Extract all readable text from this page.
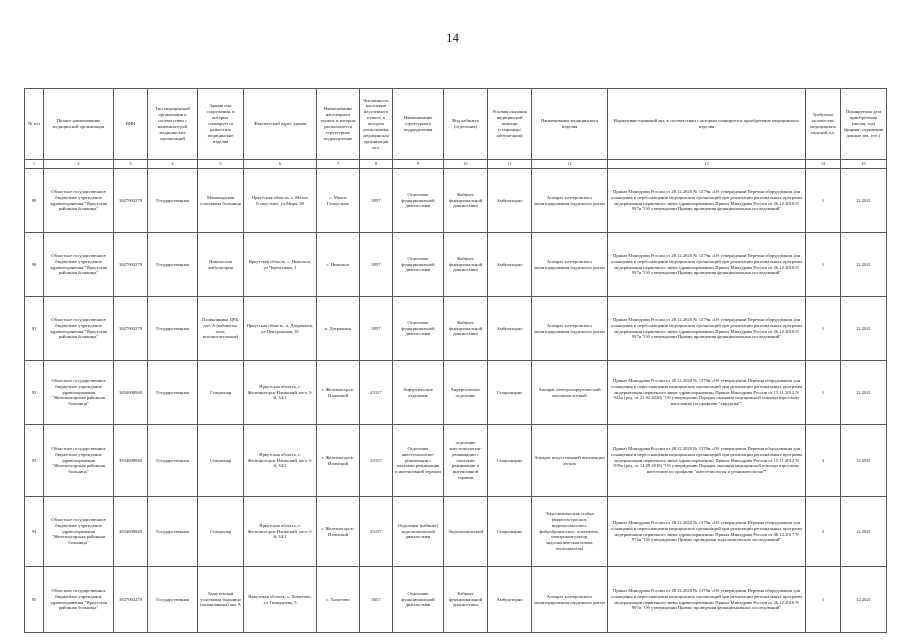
14
№ п/п	Полное наименование медицинской организации	ИНН	Тип медицинской организации в соответствии с номенклатурой медицинских организаций	Здания или сооружения, в которых планируется разместить медицинские изделия	Фактический адрес здания	Наименование населенного пункта, в котором располагается структурное подразделение	Численность населения населенного пункта, в котором расположена медицинская организация чел.	Наименование структурного подразделения	Вид кабинета (отделения)	Условия оказания медицинской помощи (стационар/амбулатория)	Наименование медицинского изделия	Нормативно-правовой акт, в соответствии с которым планируется приобретение медицинского изделия	Требуемое количество медицинских изделий, ед.	Планируемая дата приобретения (месяц, год) (формат: отражения данных мм. гггг.)
1	2	3	4	5	6	7	8	9	10	11	12	13	14	15
89	Областное государственное бюджетное учреждение здравоохранения "Иркутская районная больница"	3827004279	Государственная	Мамыкарская участковая больница	Иркутская область, с. Малое Голоустное, ул.Мира, 39	с. Малое Голоустное	3057	Отделение функциональной диагностики	Кабинет функциональной диагностики	Амбулаторно	Аппарат холтеровского мониторирования сердечного ритма	Приказ Минздрава России от 28.12.2020 № 1379н «Об утверждении Перечня оборудования для оснащения и переоснащения медицинских организаций при реализации региональных программ модернизации первичного звена здравоохранения» Приказ Минздрава России от 26.12.2016 N 997н "Об утверждении Правил проведения функциональных исследований"	1	12.2021
90	Областное государственное бюджетное учреждение здравоохранения "Иркутская районная больница"	3827004279	Государственная	Никольская амбулатория	Иркутская область, с. Никольск, ул.Черемушки, 1	с. Никольск	3057	Отделение функциональной диагностики	Кабинет функциональной диагностики	Амбулаторно	Аппарат холтеровского мониторирования сердечного ритма	Приказ Минздрава России от 28.12.2020 № 1379н «Об утверждении Перечня оборудования для оснащения и переоснащения медицинских организаций при реализации региональных программ модернизации первичного звена здравоохранения» Приказ Минздрава России от 26.12.2016 N 997н "Об утверждении Правил проведения функциональных исследований"	1	12.2021
91	Областное государственное бюджетное учреждение здравоохранения "Иркутская районная больница"	3827004279	Государственная	Поликлиника ЦРБ, лит. А (кабинеты, холл, вспомогательные)	Иркутская область, п. Дзержинск, ул.Центральная, 35	п. Дзержинск	3057	Отделение функциональной диагностики	Кабинет функциональной диагностики	Амбулаторно	Аппарат холтеровского мониторирования сердечного ритма	Приказ Минздрава России от 28.12.2020 № 1379н «Об утверждении Перечня оборудования для оснащения и переоснащения медицинских организаций при реализации региональных программ модернизации первичного звена здравоохранения» Приказ Минздрава России от 26.12.2016 N 997н "Об утверждении Правил проведения функциональных исследований"	1	12.2021
92	Областное государственное бюджетное учреждение здравоохранения "Железногорская районная больница"	3834008940	Государственная	Стационар	Иркутская область, г. Железногорск-Илимский, кв-л 3-й, 34/1	г. Железногорск-Илимский	23157	Хирургическое отделение	Хирургическое отделение	Стационарно	Аппарат электрохирургический высокочастотный	Приказ Минздрава России от 28.12.2020 № 1379н «Об утверждении Перечня оборудования для оснащения и переоснащения медицинских организаций при реализации региональных программ модернизации первичного звена здравоохранения» Приказ Минздрава России от 15.11.2012 N 922н (ред. от 21.02.2020) "Об утверждении Порядка оказания медицинской помощи взрослому населению по профилю "хирургия""	1	12.2021
93	Областное государственное бюджетное учреждение здравоохранения "Железногорская районная больница"	3834008940	Государственная	Стационар	Иркутская область, г. Железногорск-Илимский, кв-л 3-й, 34/1	г. Железногорск-Илимский	23157	Отделение анестезиологии-реанимации с палатами реанимации и интенсивной терапии	отделение анестезиологии-реанимации с палатами реанимации и интенсивной терапии	Стационарно	Аппарат искусственной вентиляции легких	Приказ Минздрава России от 28.12.2020 № 1379н «Об утверждении Перечня оборудования для оснащения и переоснащения медицинских организаций при реализации региональных программ модернизации первичного звена здравоохранения» Приказ Минздрава России от 15.11.2012 N 919н (ред. от 14.09.2018) "Об утверждении Порядка оказания медицинской помощи взрослому населению по профилю "анестезиология и реаниматология""	3	12.2021
94	Областное государственное бюджетное учреждение здравоохранения "Железногорская районная больница"	3834008940	Государственная	Стационар	Иркутская область, г. Железногорск-Илимский, кв-л 3-й, 34/1	г. Железногорск-Илимский	23157	Отделение (кабинет) эндоскопической диагностики	Эндоскопический	Стационарно	Эндоскопическая стойка (видеогастроскоп, видеоколоноскоп, фибробронхоскоп, осветитель, электрокоагулятор, эндоскопическая помпа, отсасыватель)	Приказ Минздрава России от 28.12.2020 № 1379н «Об утверждении Перечня оборудования для оснащения и переоснащения медицинских организаций при реализации региональных программ модернизации первичного звена здравоохранения» Приказ Минздрава России от 06.12.2017 N 974н "Об утверждении Правил проведения эндоскопических исследований"	2	12.2021
95	Областное государственное бюджетное учреждение здравоохранения "Иркутская районная больница"	3827004279	Государственная	Хомутовская участковая больница (поликлиника) лит А	Иркутская область, с. Хомутово, ул.Тимирязева, 5	с. Хомутово	3057	Отделение функциональной диагностики	Кабинет функциональной диагностики	Амбулаторно	Аппарат холтеровского мониторирования сердечного ритма	Приказ Минздрава России от 28.12.2020 № 1379н «Об утверждении Перечня оборудования для оснащения и переоснащения медицинских организаций при реализации региональных программ модернизации первичного звена здравоохранения» Приказ Минздрава России от 26.12.2016 N 997н "Об утверждении Правил проведения функциональных исследований"	1	12.2021
